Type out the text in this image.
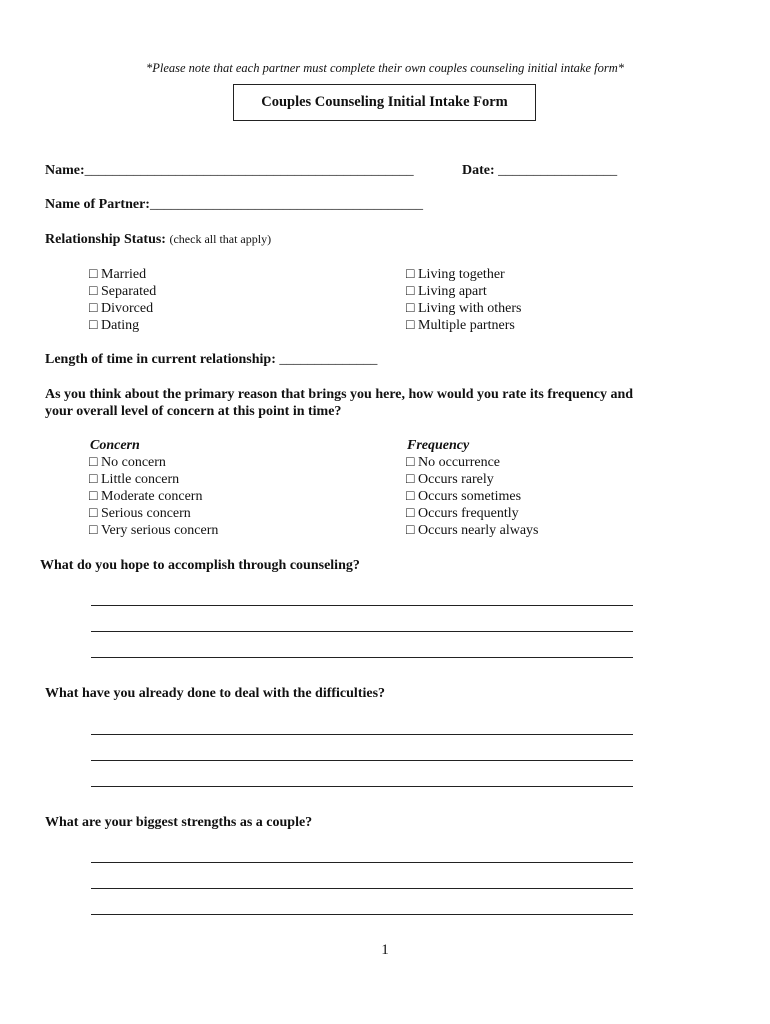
*Please note that each partner must complete their own couples counseling initial intake form*
Couples Counseling Initial Intake Form
Name:_______________________________________________	Date: _________________
Name of Partner:_______________________________________
Relationship Status: (check all that apply)
□ Married
□ Separated
□ Divorced
□ Dating
□ Living together
□ Living apart
□ Living with others
□ Multiple partners
Length of time in current relationship: ______________
As you think about the primary reason that brings you here, how would you rate its frequency and
your overall level of concern at this point in time?
Concern
□ No concern
□ Little concern
□ Moderate concern
□ Serious concern
□ Very serious concern
Frequency
□ No occurrence
□ Occurs rarely
□ Occurs sometimes
□ Occurs frequently
□ Occurs nearly always
What do you hope to accomplish through counseling?
What have you already done to deal with the difficulties?
What are your biggest strengths as a couple?
1
